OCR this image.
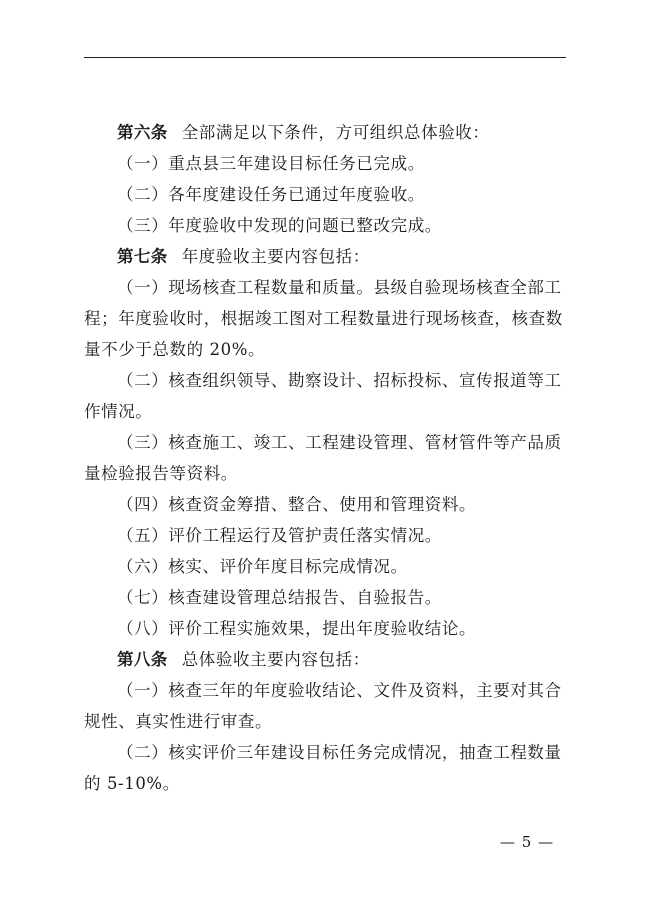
第六条 全部满足以下条件，方可组织总体验收：

（一）重点县三年建设目标任务已完成。

（二）各年度建设任务已通过年度验收。

（三）年度验收中发现的问题已整改完成。

第七条 年度验收主要内容包括：

（一）现场核查工程数量和质量。县级自验现场核查全部工程；年度验收时，根据竣工图对工程数量进行现场核查，核查数量不少于总数的 20%。

（二）核查组织领导、勘察设计、招标投标、宣传报道等工作情况。

（三）核查施工、竣工、工程建设管理、管材管件等产品质量检验报告等资料。

（四）核查资金筹措、整合、使用和管理资料。

（五）评价工程运行及管护责任落实情况。

（六）核实、评价年度目标完成情况。

（七）核查建设管理总结报告、自验报告。

（八）评价工程实施效果，提出年度验收结论。

第八条 总体验收主要内容包括：

（一）核查三年的年度验收结论、文件及资料，主要对其合规性、真实性进行审查。

（二）核实评价三年建设目标任务完成情况，抽查工程数量的 5-10%。

— 5 —
